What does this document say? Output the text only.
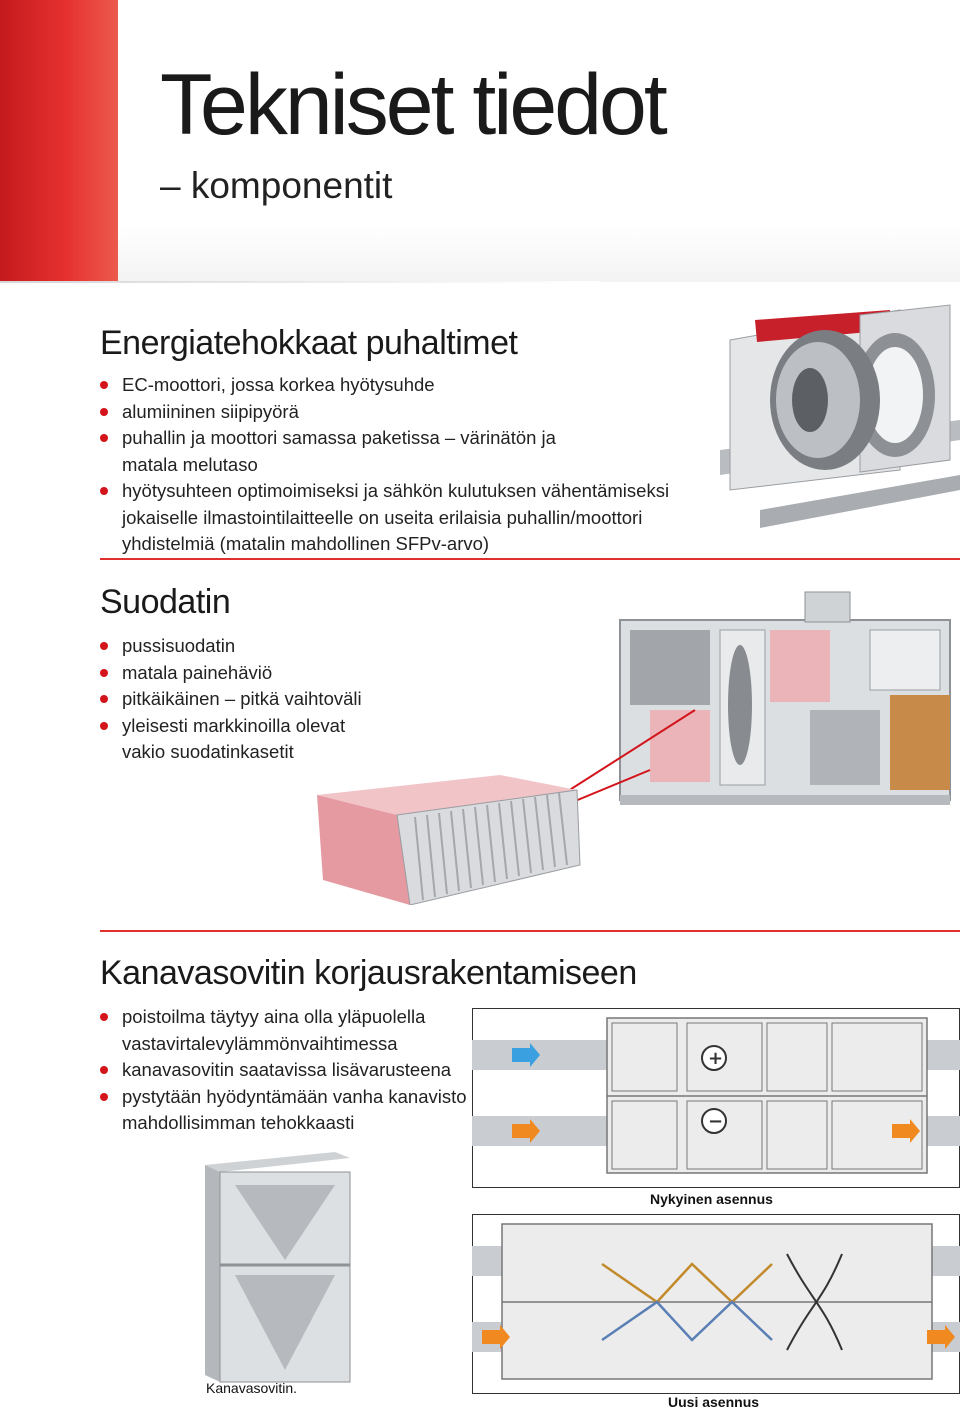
Tekniset tiedot
– komponentit
Energiatehokkaat puhaltimet
EC-moottori, jossa korkea hyötysuhde
alumiininen siipipyörä
puhallin ja moottori samassa paketissa – värinätön ja matala melutaso
hyötysuhteen optimoimiseksi ja sähkön kulutuksen vähentämiseksi jokaiselle ilmastointilaitteelle on useita erilaisia puhallin/moottori yhdistelmiä (matalin mahdollinen SFPv-arvo)
Suodatin
pussisuodatin
matala painehäviö
pitkäikäinen – pitkä vaihtoväli
yleisesti markkinoilla olevat vakio suodatinkasetit
Kanavasovitin korjausrakentamiseen
poistoilma täytyy aina olla yläpuolella vastavirtalevylämmönvaihtimessa
kanavasovitin saatavissa lisävarusteena
pystytään hyödyntämään vanha kanavisto mahdollisimman tehokkaasti
+
−
Nykyinen asennus
Kanavasovitin.
Uusi asennus
